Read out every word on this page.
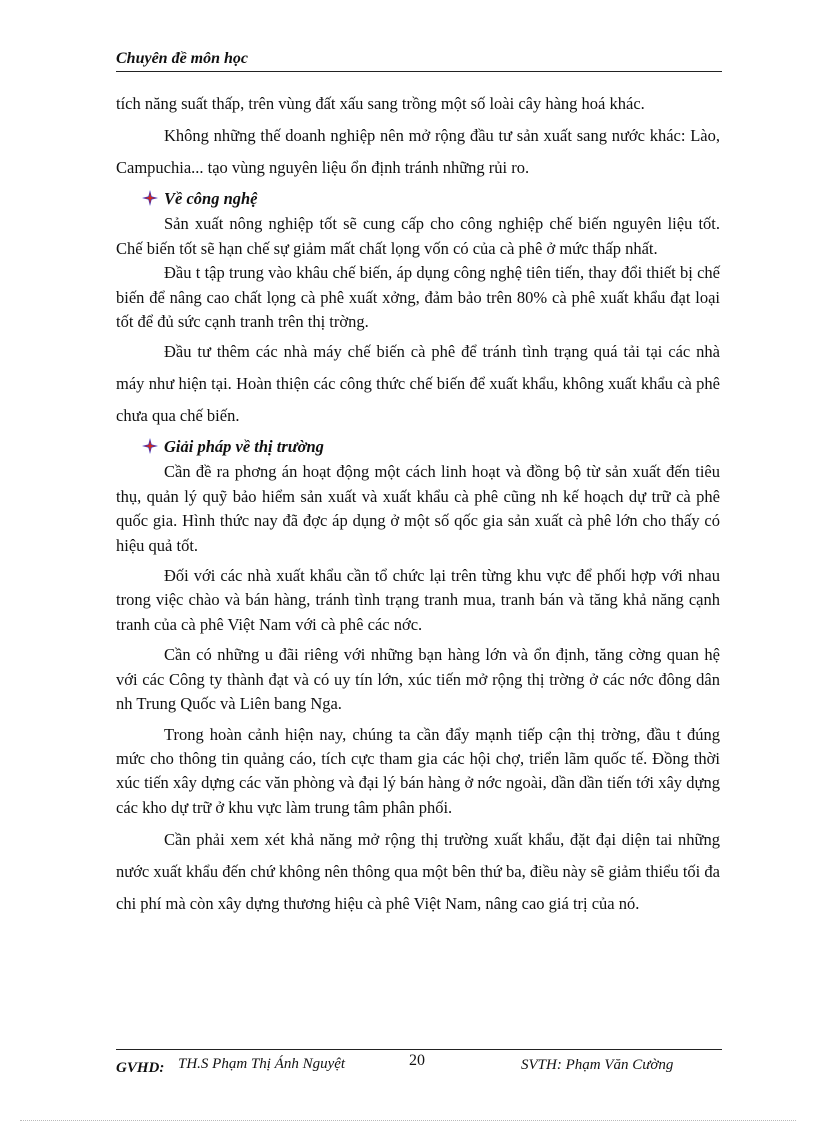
Chuyên đề môn học

tích năng suất thấp, trên vùng đất xấu sang trồng một số loài cây hàng hoá khác.

Không những thế doanh nghiệp nên mở rộng đầu tư sản xuất sang nước khác: Lào, Campuchia... tạo vùng nguyên liệu ổn định tránh những rủi ro.

Về công nghệ

Sản xuất nông nghiệp tốt sẽ cung cấp cho công nghiệp chế biến nguyên liệu tốt. Chế biến tốt sẽ hạn chế sự giảm mất chất lọng vốn có của cà phê ở mức thấp nhất.

Đầu t tập trung vào khâu chế biến, áp dụng công nghệ tiên tiến, thay đổi thiết bị chế biến để nâng cao chất lọng cà phê xuất xởng, đảm bảo trên 80% cà phê xuất khẩu đạt loại tốt để đủ sức cạnh tranh trên thị trờng.

Đầu tư thêm các nhà máy chế biến cà phê để tránh tình trạng quá tải tại các nhà máy như hiện tại. Hoàn thiện các công thức chế biến để xuất khẩu, không xuất khẩu cà phê chưa qua chế biến.

Giải pháp về thị trường

Cần đề ra phơng án hoạt động một cách linh hoạt và đồng bộ từ sản xuất đến tiêu thụ, quản lý quỹ bảo hiểm sản xuất và xuất khẩu cà phê cũng nh kế hoạch dự trữ cà phê quốc gia. Hình thức nay đã đợc áp dụng ở một số qốc gia sản xuất cà phê lớn cho thấy có hiệu quả tốt.

Đối với các nhà xuất khẩu cần tổ chức lại trên từng khu vực để phối hợp với nhau trong việc chào và bán hàng, tránh tình trạng tranh mua, tranh bán và tăng khả năng cạnh tranh của cà phê Việt Nam với cà phê các nớc.

Cần có những u đãi riêng với những bạn hàng lớn và ổn định, tăng cờng quan hệ với các Công ty thành đạt và có uy tín lớn, xúc tiến mở rộng thị trờng ở các nớc đông dân nh Trung Quốc và Liên bang Nga.

Trong hoàn cảnh hiện nay, chúng ta cần đẩy mạnh tiếp cận thị trờng, đầu t đúng mức cho thông tin quảng cáo, tích cực tham gia các hội chợ, triển lãm quốc tế. Đồng thời xúc tiến xây dựng các văn phòng và đại lý bán hàng ở nớc ngoài, dần dần tiến tới xây dựng các kho dự trữ ở khu vực làm trung tâm phân phối.

Cần phải xem xét khả năng mở rộng thị trường xuất khẩu, đặt đại diện tai những nước xuất khẩu đến chứ không nên thông qua một bên thứ ba, điều này sẽ giảm thiểu tối đa chi phí mà còn xây dựng thương hiệu cà phê Việt Nam, nâng cao giá trị của nó.

GVHD: TH.S Phạm Thị Ánh Nguyệt	20	SVTH: Phạm Văn Cường
